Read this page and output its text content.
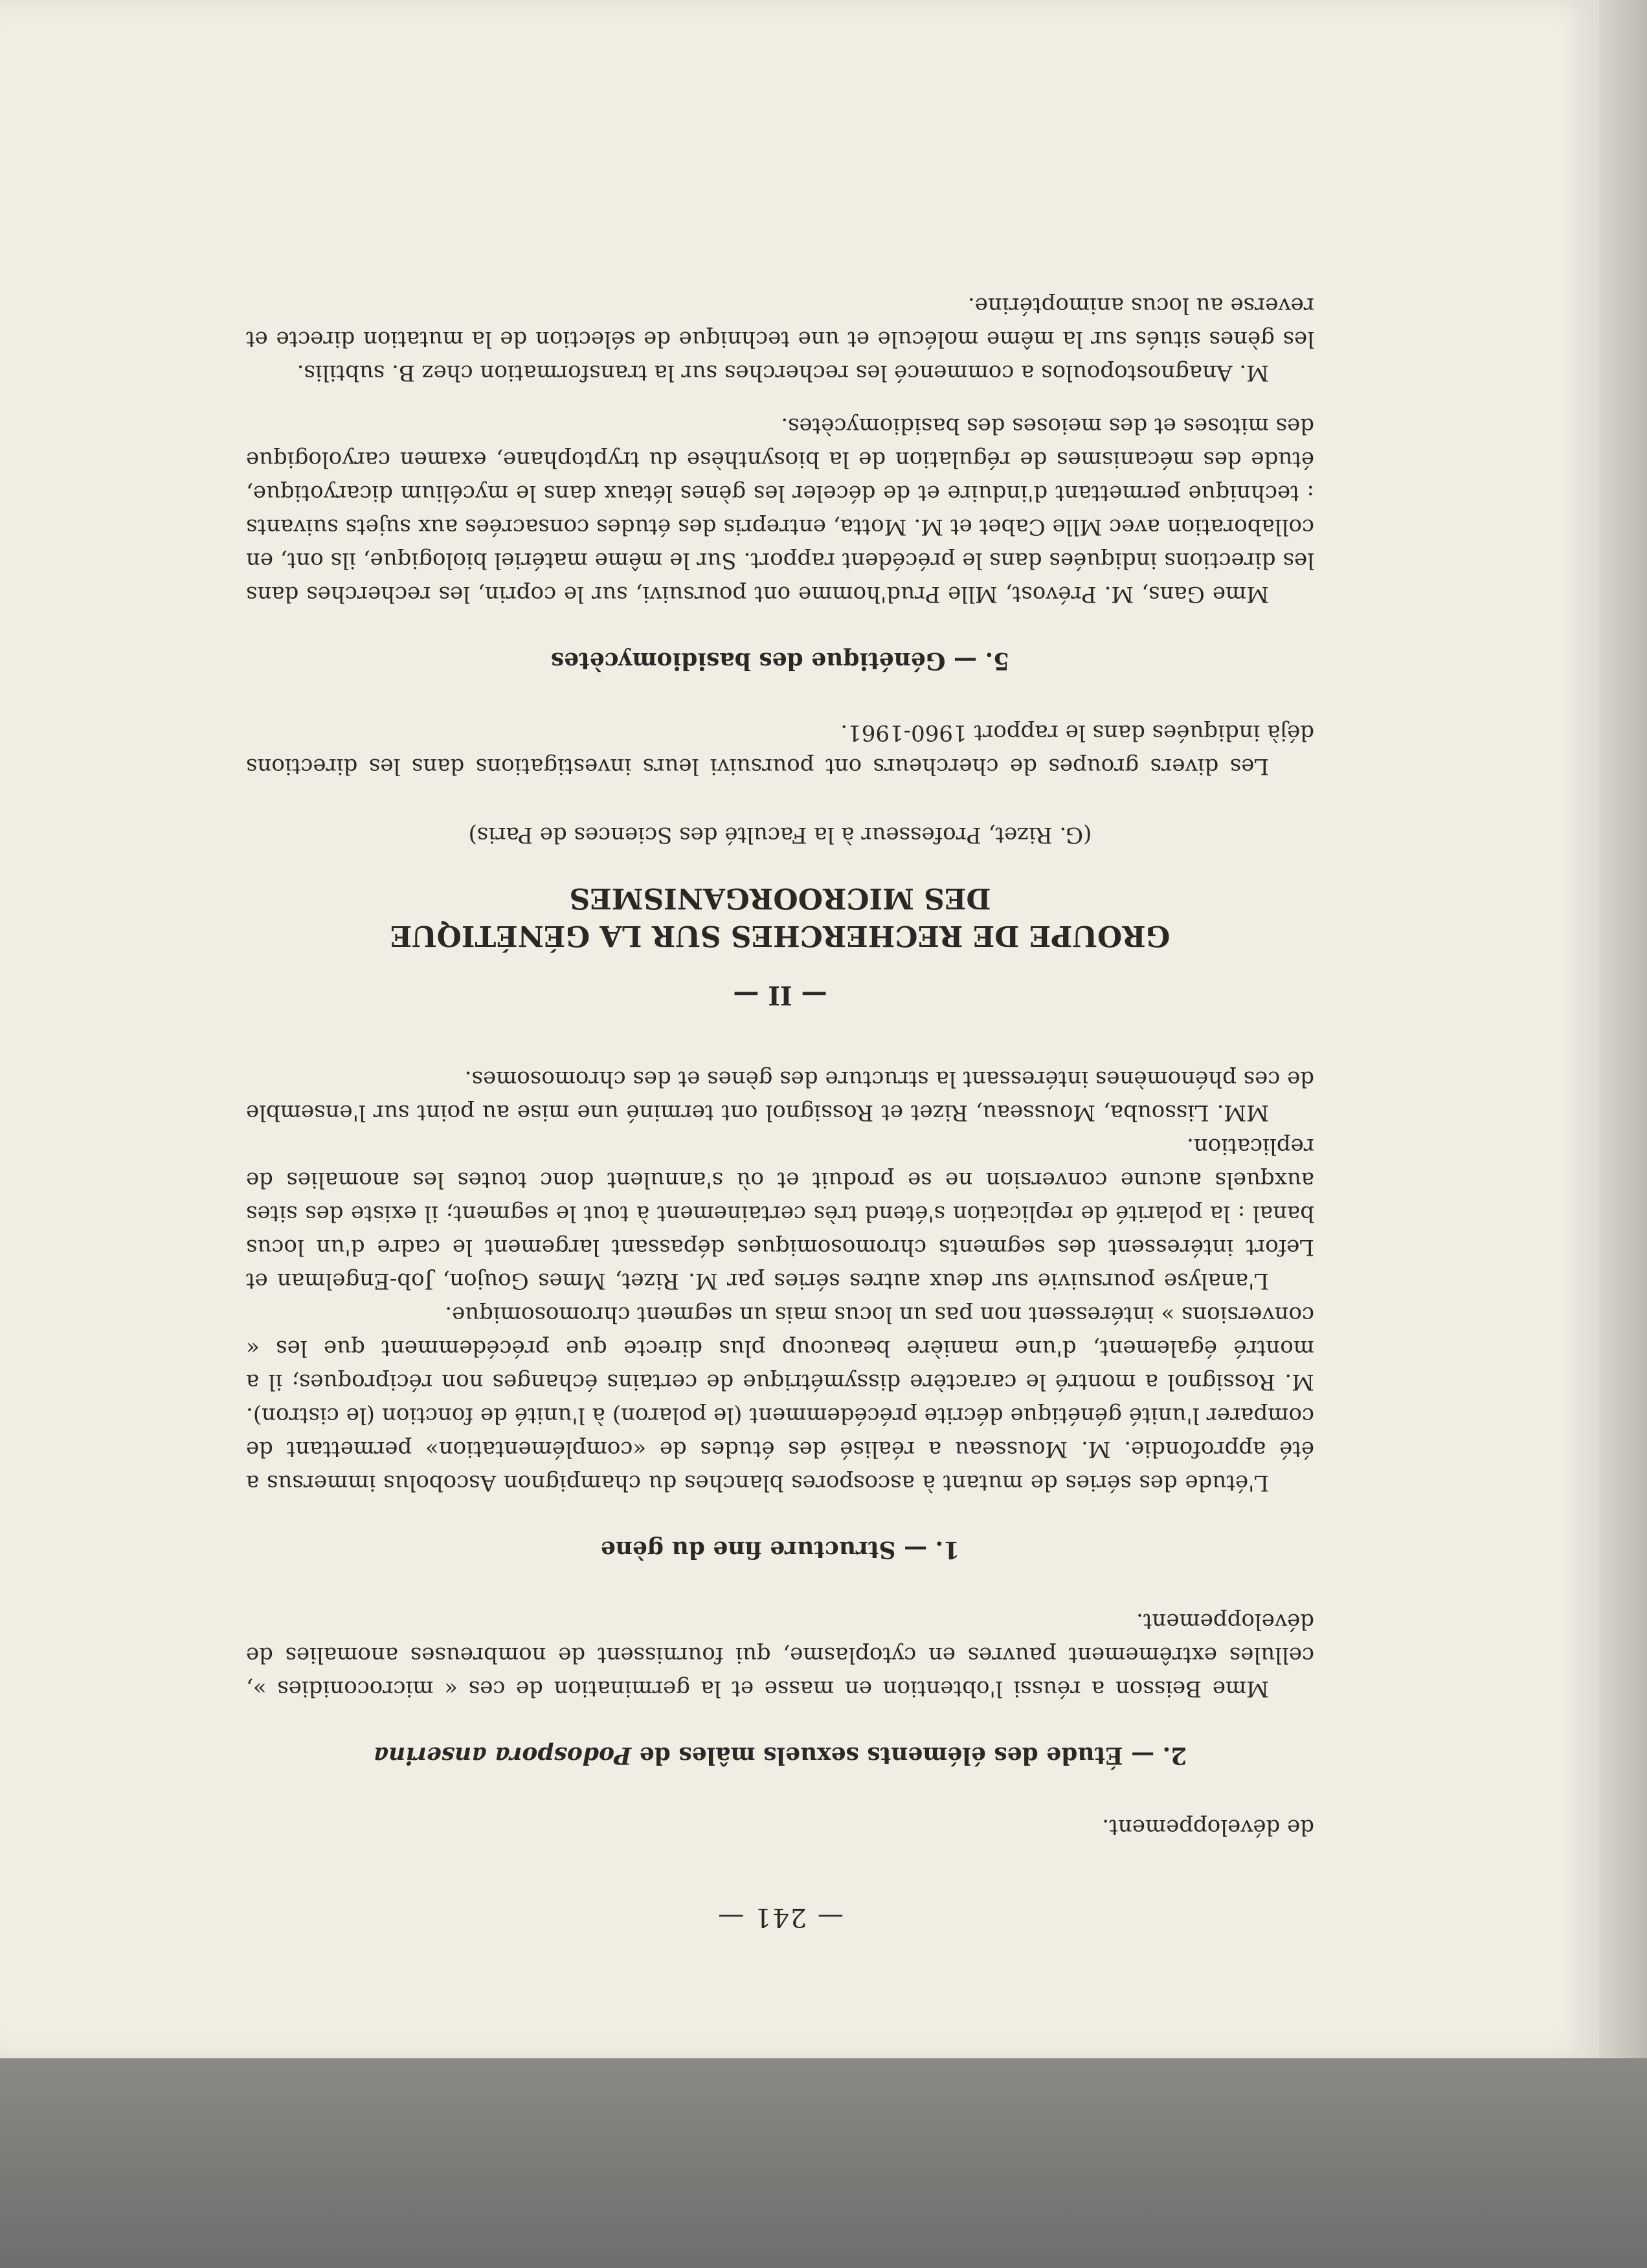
— 241 —

de développement.

2. — Étude des éléments sexuels mâles de Podospora anserina

Mme Beisson a réussi l'obtention en masse et la germination de ces « microconidies », cellules extrêmement pauvres en cytoplasme, qui fournissent de nombreuses anomalies de développement.

1. — Structure fine du gène

L'étude des séries de mutant à ascospores blanches du champignon Ascobolus immersus a été approfondie. M. Mousseau a réalisé des études de «complémentation» permettant de comparer l'unité génétique décrite précédemment (le polaron) à l'unité de fonction (le cistron). M. Rossignol a montré le caractère dissymétrique de certains échanges non réciproques; il a montré également, d'une manière beaucoup plus directe que précédemment que les « conversions » intéressent non pas un locus mais un segment chromosomique.

L'analyse poursuivie sur deux autres séries par M. Rizet, Mmes Goujon, Job-Engelman et Lefort intéressent des segments chromosomiques dépassant largement le cadre d'un locus banal : la polarité de replication s'étend très certainement à tout le segment; il existe des sites auxquels aucune conversion ne se produit et où s'annulent donc toutes les anomalies de replication.

MM. Lissouba, Mousseau, Rizet et Rossignol ont terminé une mise au point sur l'ensemble de ces phénomènes intéressant la structure des gènes et des chromosomes.

— II —
GROUPE DE RECHERCHES SUR LA GÉNÉTIQUE
DES MICROORGANISMES
(G. Rizet, Professeur à la Faculté des Sciences de Paris)

Les divers groupes de chercheurs ont poursuivi leurs investigations dans les directions déjà indiquées dans le rapport 1960-1961.

5. — Génétique des basidiomycètes

Mme Gans, M. Prévost, Mlle Prud'homme ont poursuivi, sur le coprin, les recherches dans les directions indiquées dans le précédent rapport. Sur le même matériel biologique, ils ont, en collaboration avec Mlle Cabet et M. Motta, entrepris des études consacrées aux sujets suivants : technique permettant d'induire et de déceler les gènes létaux dans le mycélium dicaryotique, étude des mécanismes de régulation de la biosynthèse du tryptophane, examen caryologique des mitoses et des meioses des basidiomycètes.

M. Anagnostopoulos a commencé les recherches sur la transformation chez B. subtilis.

les gènes situés sur la même molécule et une technique de sélection de la mutation directe et reverse au locus animoptérine.
